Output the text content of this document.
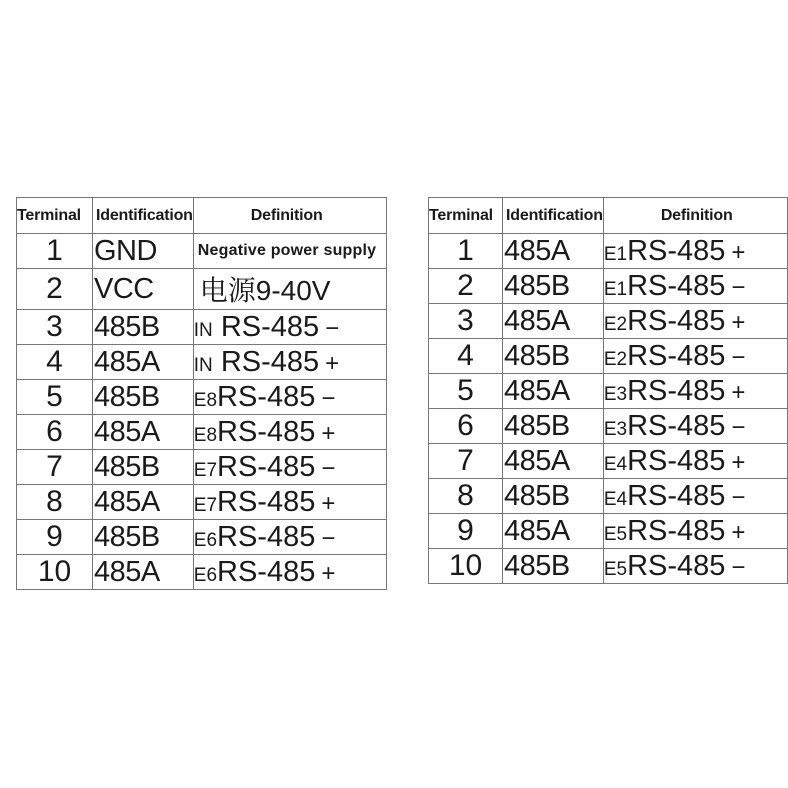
Terminal	Identification	Definition
1	GND	Negative power supply
2	VCC	电源9-40V
3	485B	IN RS-485 −
4	485A	IN RS-485 +
5	485B	E8RS-485 −
6	485A	E8RS-485 +
7	485B	E7RS-485 −
8	485A	E7RS-485 +
9	485B	E6RS-485 −
10	485A	E6RS-485 +
Terminal	Identification	Definition
1	485A	E1RS-485 +
2	485B	E1RS-485 −
3	485A	E2RS-485 +
4	485B	E2RS-485 −
5	485A	E3RS-485 +
6	485B	E3RS-485 −
7	485A	E4RS-485 +
8	485B	E4RS-485 −
9	485A	E5RS-485 +
10	485B	E5RS-485 −
